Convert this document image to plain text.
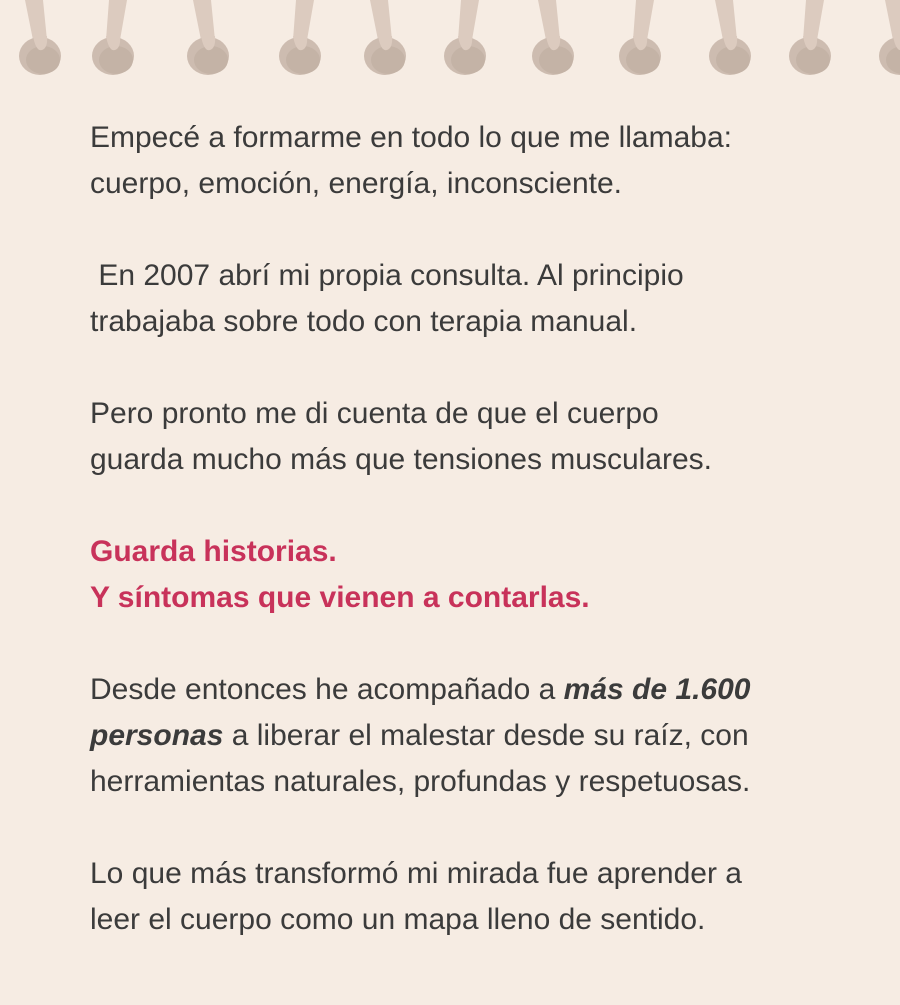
Empecé a formarme en todo lo que me llamaba:
cuerpo, emoción, energía, inconsciente.

En 2007 abrí mi propia consulta. Al principio
trabajaba sobre todo con terapia manual.

Pero pronto me di cuenta de que el cuerpo
guarda mucho más que tensiones musculares.

Guarda historias.
Y síntomas que vienen a contarlas.

Desde entonces he acompañado a más de 1.600
personas a liberar el malestar desde su raíz, con
herramientas naturales, profundas y respetuosas.

Lo que más transformó mi mirada fue aprender a
leer el cuerpo como un mapa lleno de sentido.
